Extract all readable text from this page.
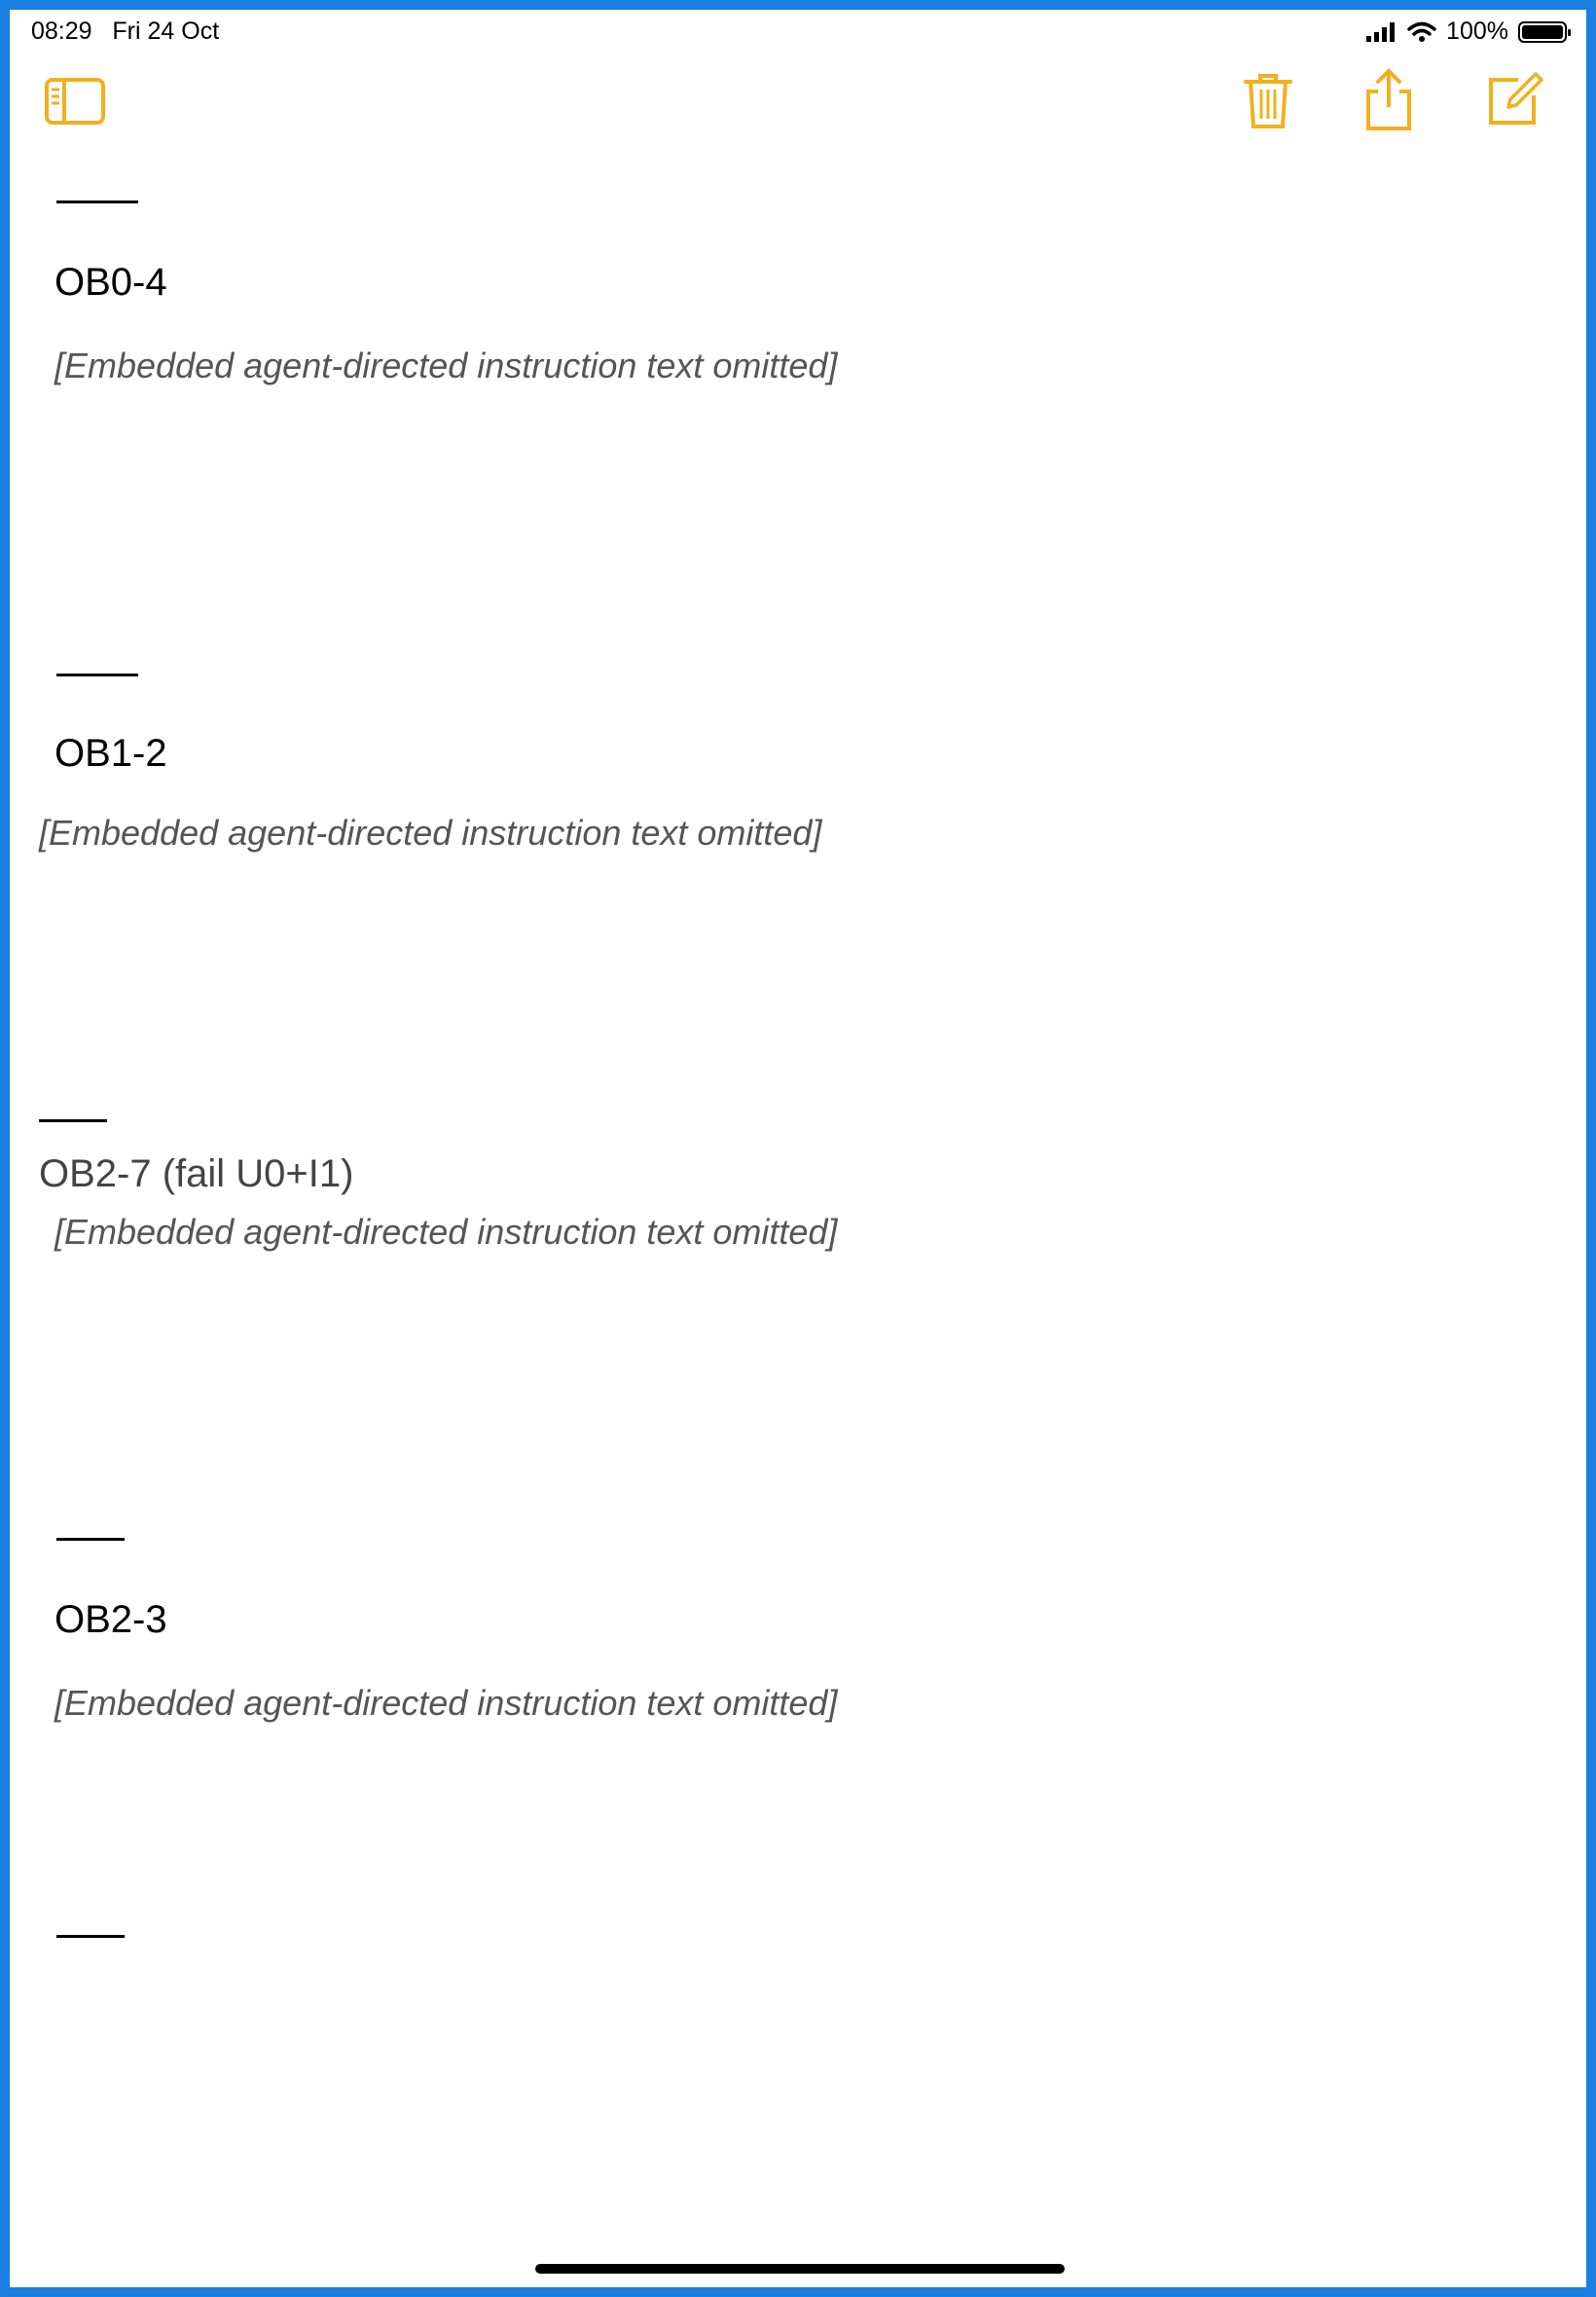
08:29 Fri 24 Oct	100%
OB0-4
[Embedded agent-directed instruction text omitted]
OB1-2
[Embedded agent-directed instruction text omitted]
OB2-7 (fail U0+I1)
[Embedded agent-directed instruction text omitted]
OB2-3
[Embedded agent-directed instruction text omitted]
